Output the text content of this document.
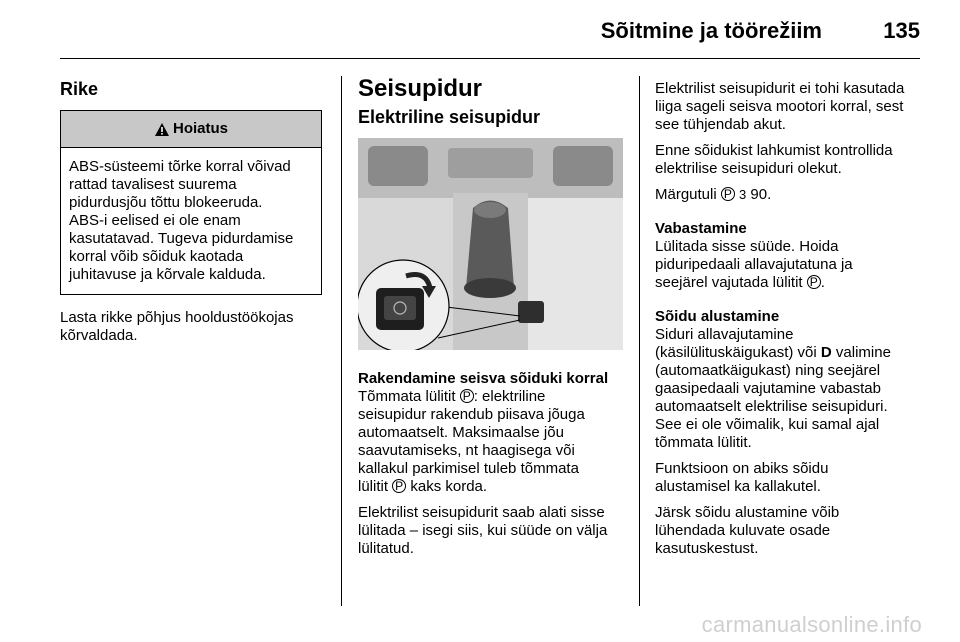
Sõitmine ja töörežiim	135
Rike
Hoiatus
ABS-süsteemi tõrke korral võivad
rattad tavalisest suurema
pidurdusjõu tõttu blokeeruda.
ABS-i eelised ei ole enam
kasutatavad. Tugeva pidurdamise
korral võib sõiduk kaotada
juhitavuse ja kõrvale kalduda.
Lasta rikke põhjus hooldustöökojas
kõrvaldada.
Seisupidur
Elektriline seisupidur
Rakendamine seisva sõiduki korral

Tõmmata lülitit P : elektriline
seisupidur rakendub piisava jõuga
automaatselt. Maksimaalse jõu
saavutamiseks, nt haagisega või
kallakul parkimisel tuleb tõmmata
lülitit P kaks korda.

Elektrilist seisupidurit saab alati sisse
lülitada – isegi siis, kui süüde on välja
lülitatud.

Elektrilist seisupidurit ei tohi kasutada
liiga sageli seisva mootori korral, sest
see tühjendab akut.

Enne sõidukist lahkumist kontrollida
elektrilise seisupiduri olekut.

Märgutuli P 3 90.

Vabastamine

Lülitada sisse süüde. Hoida
piduripedaali allavajutatuna ja
seejärel vajutada lülitit P .

Sõidu alustamine

Siduri allavajutamine
(käsilülituskäigukast) või D valimine
(automaatkäigukast) ning seejärel
gaasipedaali vajutamine vabastab
automaatselt elektrilise seisupiduri.
See ei ole võimalik, kui samal ajal
tõmmata lülitit.

Funktsioon on abiks sõidu
alustamisel ka kallakutel.

Järsk sõidu alustamine võib
lühendada kuluvate osade
kasutuskestust.

carmanualsonline.info
